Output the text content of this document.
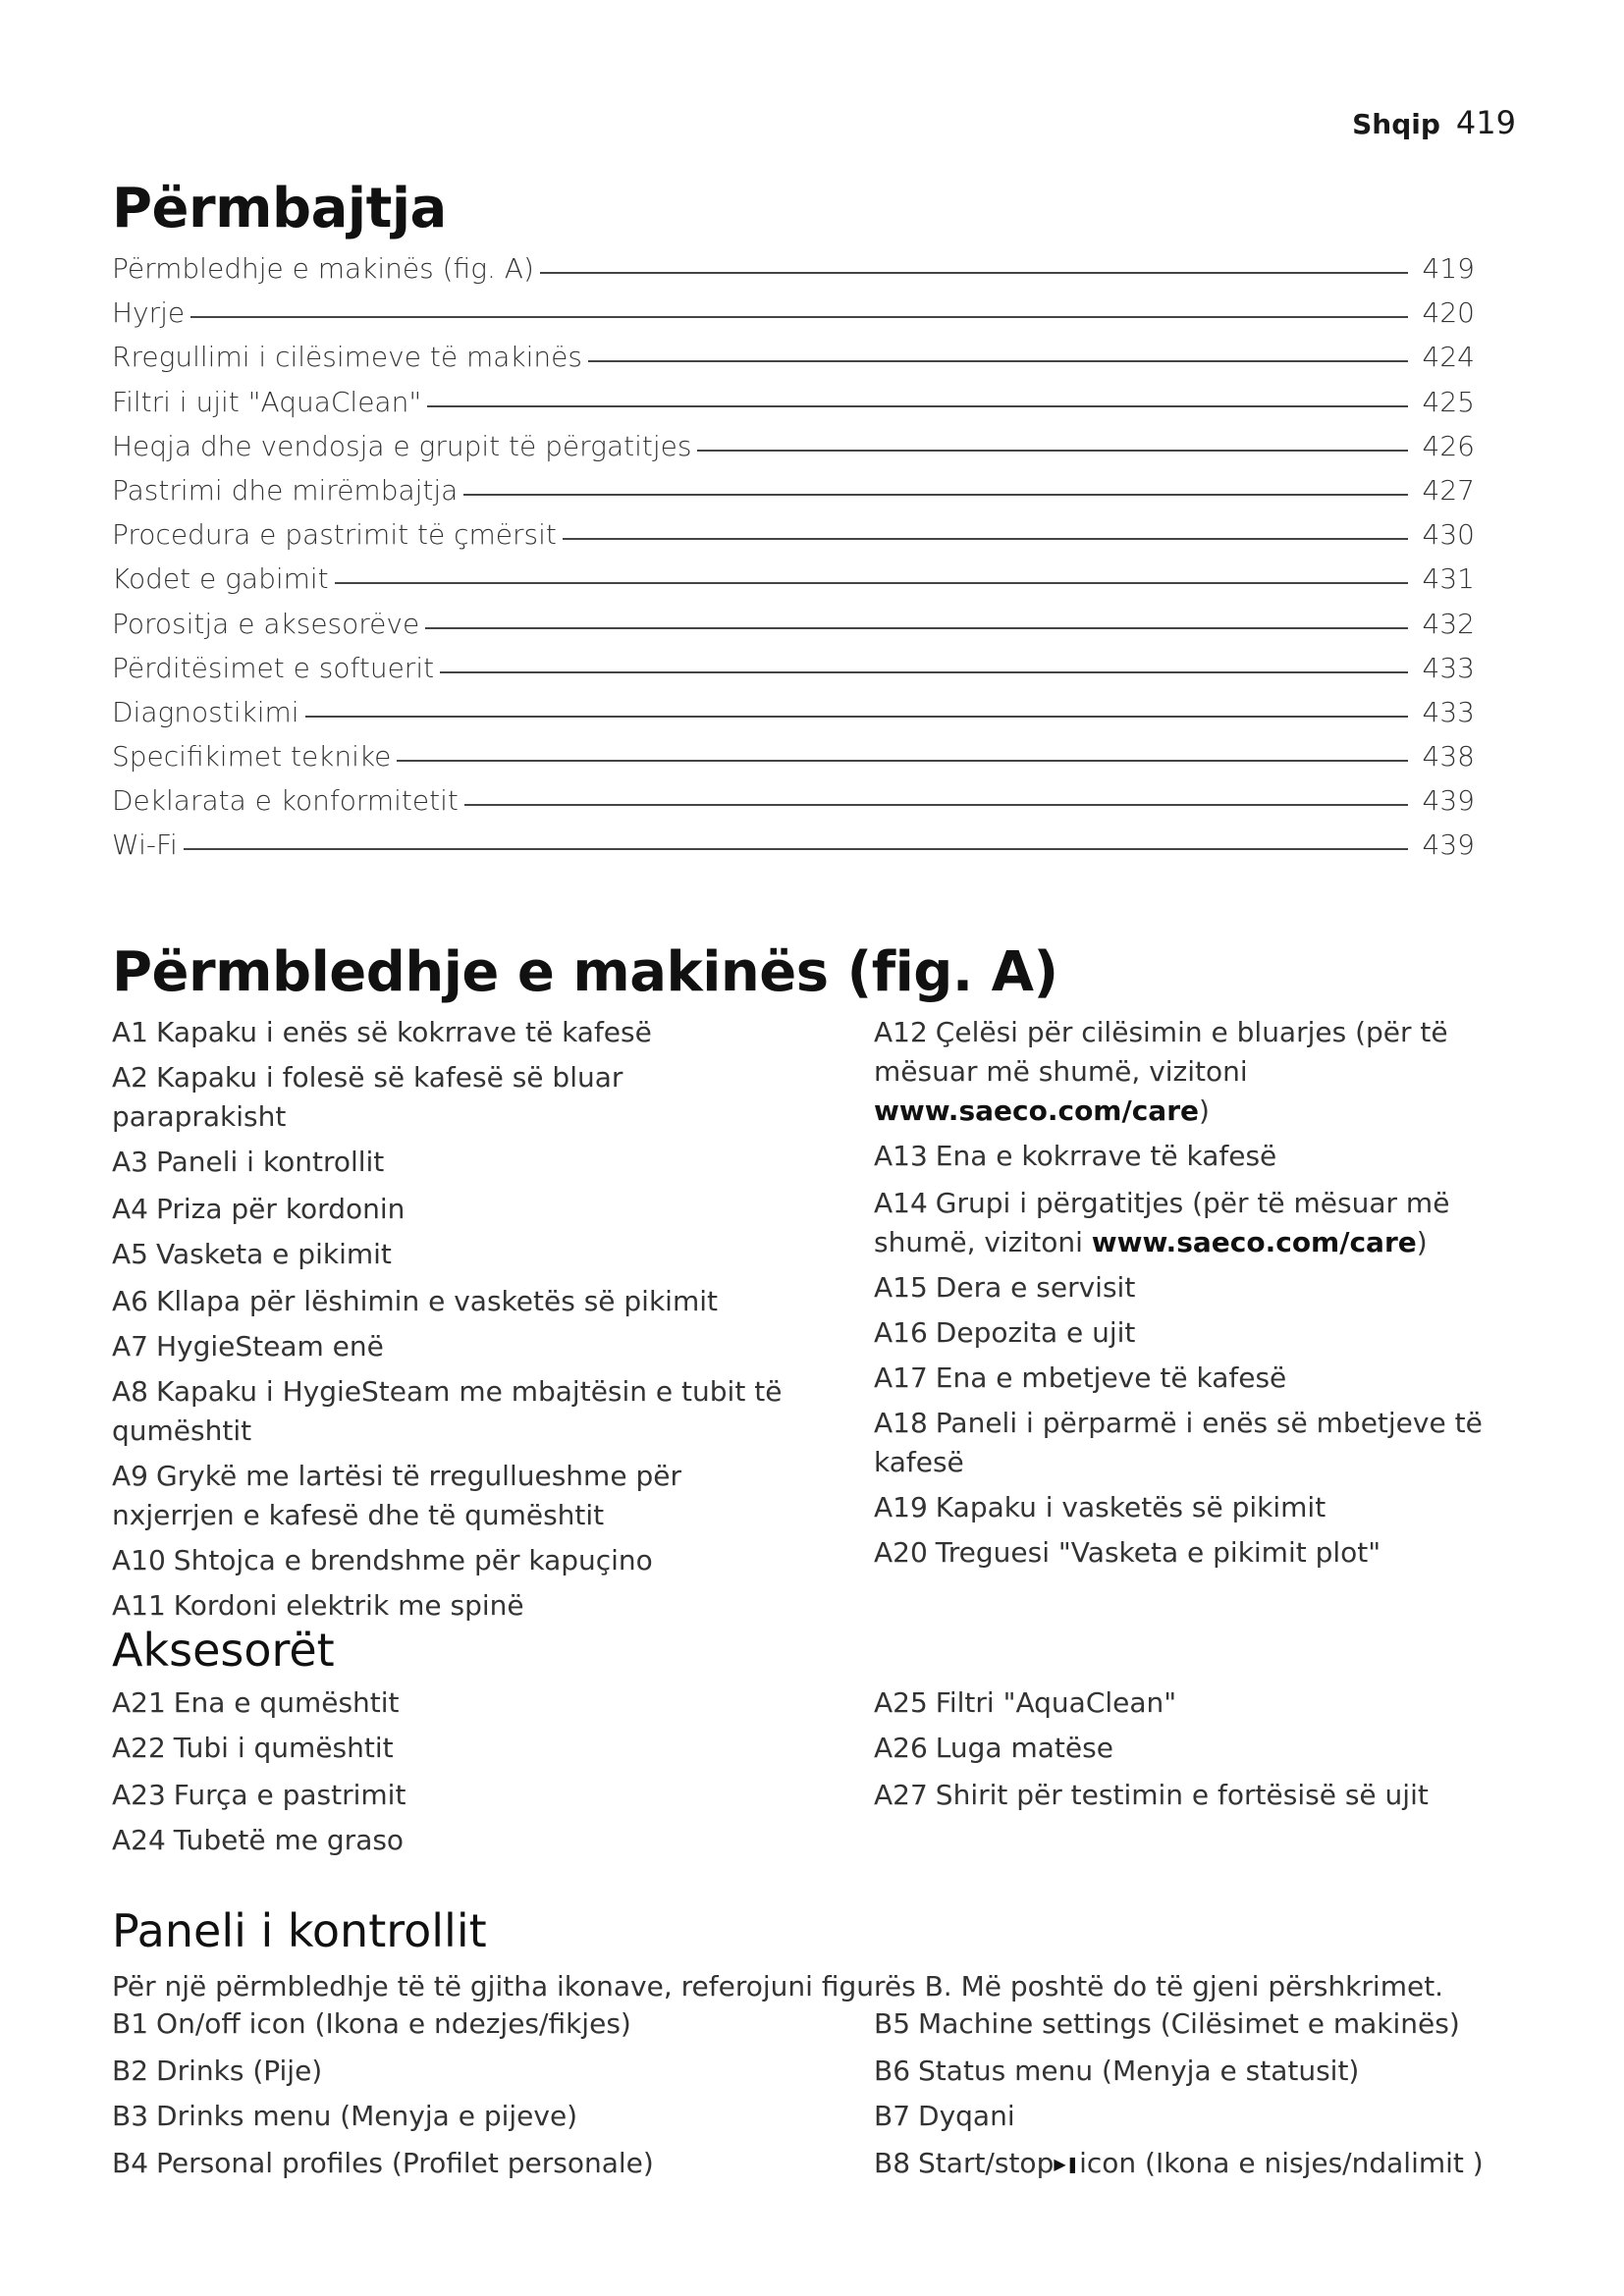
Shqip 419
Përmbajtja
Përmbledhje e makinës (fig. A)	419
Hyrje	420
Rregullimi i cilësimeve të makinës	424
Filtri i ujit "AquaClean"	425
Heqja dhe vendosja e grupit të përgatitjes	426
Pastrimi dhe mirëmbajtja	427
Procedura e pastrimit të çmërsit	430
Kodet e gabimit	431
Porositja e aksesorëve	432
Përditësimet e softuerit	433
Diagnostikimi	433
Specifikimet teknike	438
Deklarata e konformitetit	439
Wi-Fi	439
Përmbledhje e makinës (fig. A)
A1 Kapaku i enës së kokrrave të kafesë
A2 Kapaku i folesë së kafesë së bluar paraprakisht
A3 Paneli i kontrollit
A4 Priza për kordonin
A5 Vasketa e pikimit
A6 Kllapa për lëshimin e vasketës së pikimit
A7 HygieSteam enë
A8 Kapaku i HygieSteam me mbajtësin e tubit të qumështit
A9 Grykë me lartësi të rregullueshme për nxjerrjen e kafesë dhe të qumështit
A10 Shtojca e brendshme për kapuçino
A11 Kordoni elektrik me spinë
A12 Çelësi për cilësimin e bluarjes (për të mësuar më shumë, vizitoni www.saeco.com/care)
A13 Ena e kokrrave të kafesë
A14 Grupi i përgatitjes (për të mësuar më shumë, vizitoni www.saeco.com/care)
A15 Dera e servisit
A16 Depozita e ujit
A17 Ena e mbetjeve të kafesë
A18 Paneli i përparmë i enës së mbetjeve të kafesë
A19 Kapaku i vasketës së pikimit
A20 Treguesi "Vasketa e pikimit plot"
Aksesorët
A21 Ena e qumështit
A22 Tubi i qumështit
A23 Furça e pastrimit
A24 Tubetë me graso
A25 Filtri "AquaClean"
A26 Luga matëse
A27 Shirit për testimin e fortësisë së ujit
Paneli i kontrollit
Për një përmbledhje të të gjitha ikonave, referojuni figurës B. Më poshtë do të gjeni përshkrimet.
B1 On/off icon (Ikona e ndezjes/fikjes)
B2 Drinks (Pije)
B3 Drinks menu (Menyja e pijeve)
B4 Personal profiles (Profilet personale)
B5 Machine settings (Cilësimet e makinës)
B6 Status menu (Menyja e statusit)
B7 Dyqani
B8 Start/stop▶❚icon (Ikona e nisjes/ndalimit )
